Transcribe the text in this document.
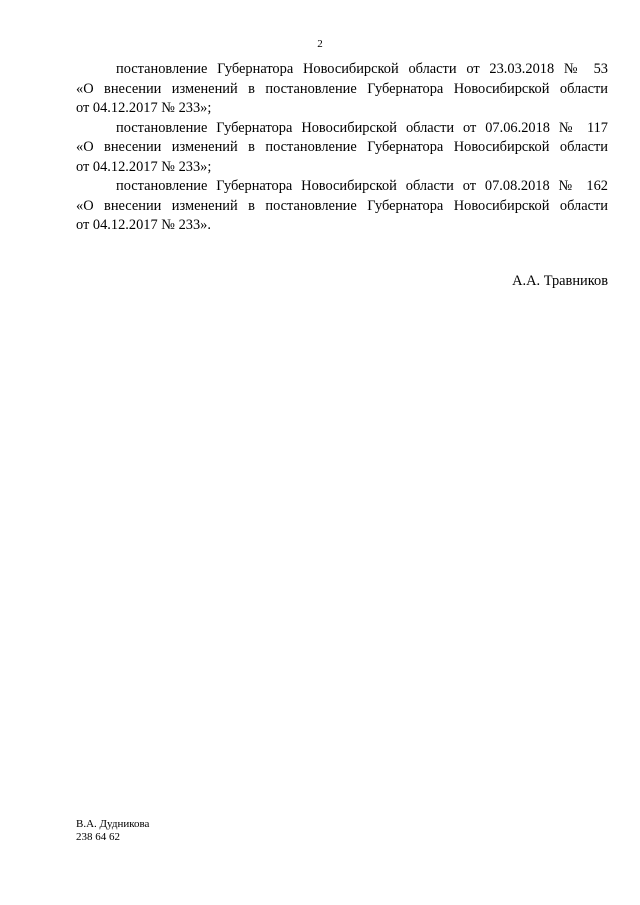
2

постановление Губернатора Новосибирской области от 23.03.2018 № 53
«О внесении изменений в постановление Губернатора Новосибирской области
от 04.12.2017 № 233»;

постановление Губернатора Новосибирской области от 07.06.2018 № 117
«О внесении изменений в постановление Губернатора Новосибирской области
от 04.12.2017 № 233»;

постановление Губернатора Новосибирской области от 07.08.2018 № 162
«О внесении изменений в постановление Губернатора Новосибирской области
от 04.12.2017 № 233».

А.А. Травников
В.А. Дудникова
238 64 62
